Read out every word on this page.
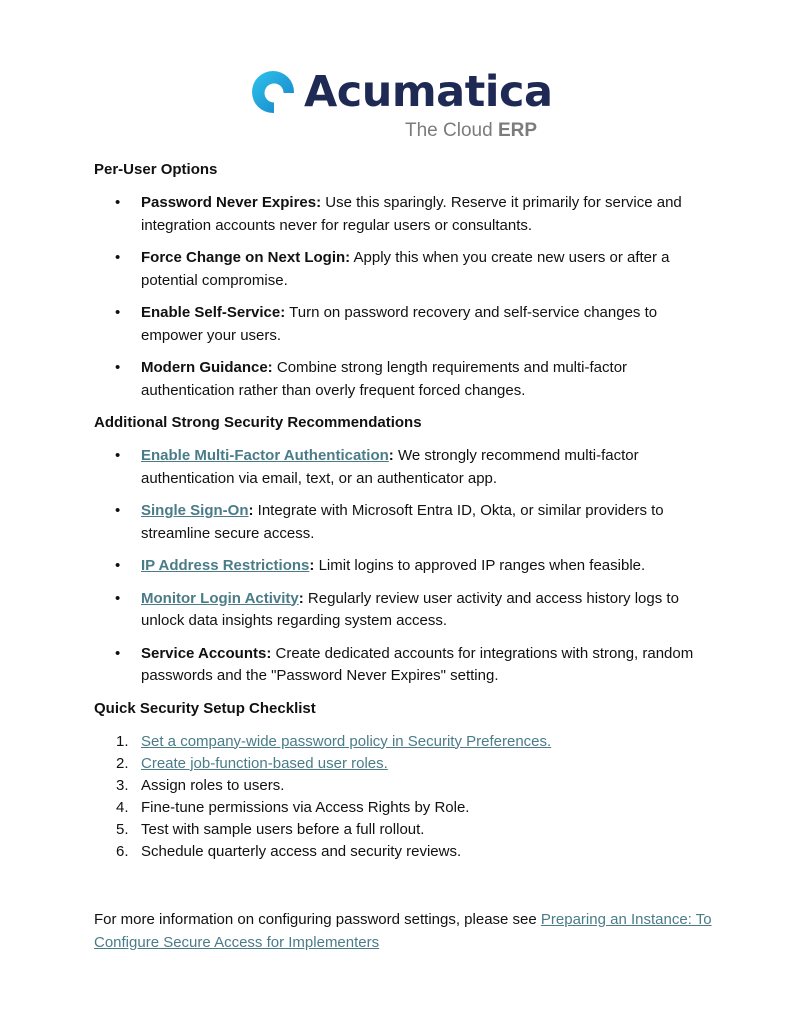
Acumatica
The Cloud ERP

Per-User Options

• Password Never Expires: Use this sparingly. Reserve it primarily for service and integration accounts never for regular users or consultants.
• Force Change on Next Login: Apply this when you create new users or after a potential compromise.
• Enable Self-Service: Turn on password recovery and self-service changes to empower your users.
• Modern Guidance: Combine strong length requirements and multi-factor authentication rather than overly frequent forced changes.

Additional Strong Security Recommendations

• Enable Multi-Factor Authentication: We strongly recommend multi-factor authentication via email, text, or an authenticator app.
• Single Sign-On: Integrate with Microsoft Entra ID, Okta, or similar providers to streamline secure access.
• IP Address Restrictions: Limit logins to approved IP ranges when feasible.
• Monitor Login Activity: Regularly review user activity and access history logs to unlock data insights regarding system access.
• Service Accounts: Create dedicated accounts for integrations with strong, random passwords and the "Password Never Expires" setting.

Quick Security Setup Checklist

1. Set a company-wide password policy in Security Preferences.
2. Create job-function-based user roles.
3. Assign roles to users.
4. Fine-tune permissions via Access Rights by Role.
5. Test with sample users before a full rollout.
6. Schedule quarterly access and security reviews.

For more information on configuring password settings, please see Preparing an Instance: To Configure Secure Access for Implementers
